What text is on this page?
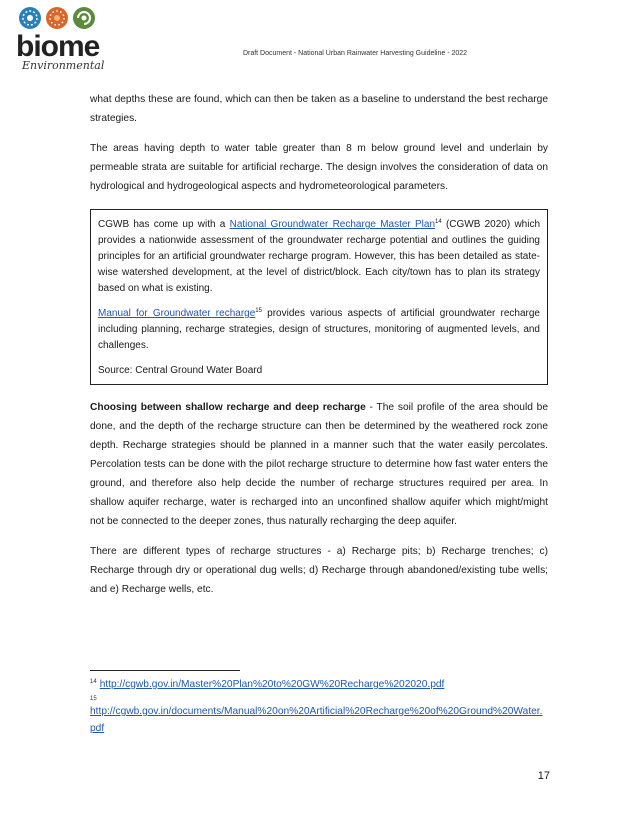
biome
Environmental
Draft Document - National Urban Rainwater Harvesting Guideline - 2022

what depths these are found, which can then be taken as a baseline to understand the best recharge strategies.

The areas having depth to water table greater than 8 m below ground level and underlain by permeable strata are suitable for artificial recharge. The design involves the consideration of data on hydrological and hydrogeological aspects and hydrometeorological parameters.

CGWB has come up with a National Groundwater Recharge Master Plan$^{14}$ (CGWB 2020) which provides a nationwide assessment of the groundwater recharge potential and outlines the guiding principles for an artificial groundwater recharge program. However, this has been detailed as state-wise watershed development, at the level of district/block. Each city/town has to plan its strategy based on what is existing.

Manual for Groundwater recharge$^{15}$ provides various aspects of artificial groundwater recharge including planning, recharge strategies, design of structures, monitoring of augmented levels, and challenges.

Source: Central Ground Water Board

Choosing between shallow recharge and deep recharge - The soil profile of the area should be done, and the depth of the recharge structure can then be determined by the weathered rock zone depth. Recharge strategies should be planned in a manner such that the water easily percolates. Percolation tests can be done with the pilot recharge structure to determine how fast water enters the ground, and therefore also help decide the number of recharge structures required per area. In shallow aquifer recharge, water is recharged into an unconfined shallow aquifer which might/might not be connected to the deeper zones, thus naturally recharging the deep aquifer.

There are different types of recharge structures - a) Recharge pits; b) Recharge trenches; c) Recharge through dry or operational dug wells; d) Recharge through abandoned/existing tube wells; and e) Recharge wells, etc.

$^{14}$ http://cgwb.gov.in/Master%20Plan%20to%20GW%20Recharge%202020.pdf
15
http://cgwb.gov.in/documents/Manual%20on%20Artificial%20Recharge%20of%20Ground%20Water.pdf
17
